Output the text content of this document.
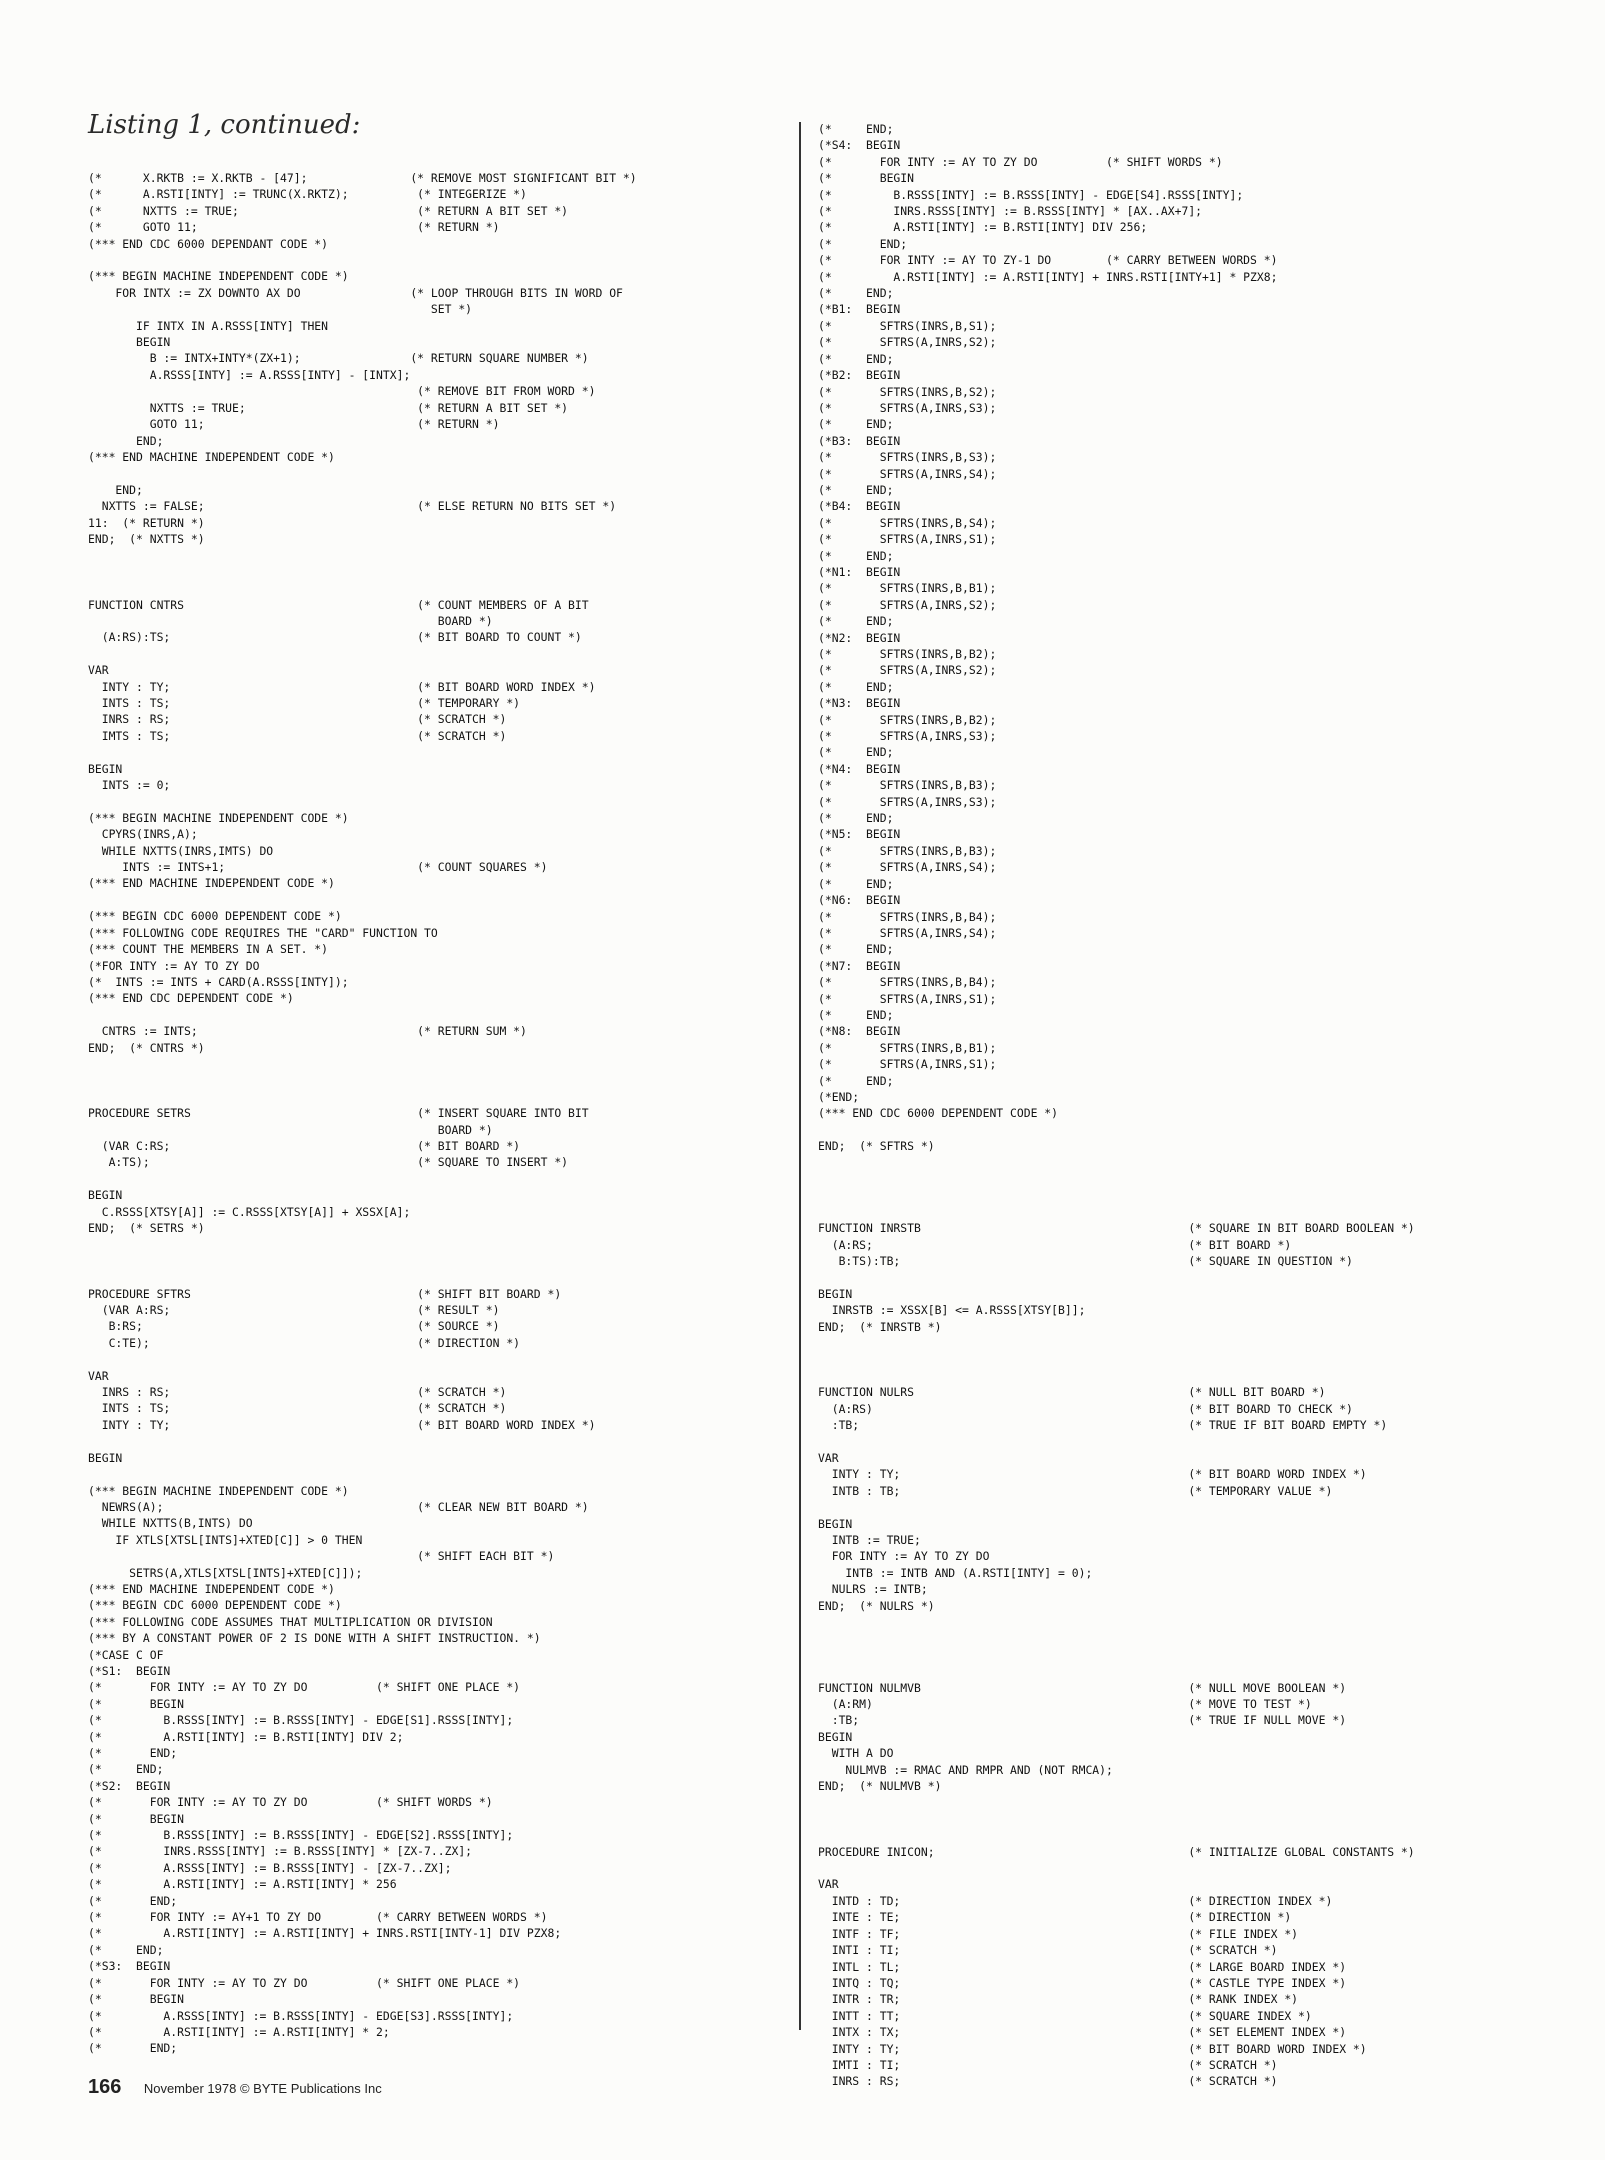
Listing 1, continued:
(*      X.RKTB := X.RKTB - [47];               (* REMOVE MOST SIGNIFICANT BIT *)
(*      A.RSTI[INTY] := TRUNC(X.RKTZ);          (* INTEGERIZE *)
(*      NXTTS := TRUE;                          (* RETURN A BIT SET *)
(*      GOTO 11;                                (* RETURN *)
(*** END CDC 6000 DEPENDANT CODE *)

(*** BEGIN MACHINE INDEPENDENT CODE *)
FOR INTX := ZX DOWNTO AX DO                (* LOOP THROUGH BITS IN WORD OF
SET *)
IF INTX IN A.RSSS[INTY] THEN
BEGIN
B := INTX+INTY*(ZX+1);                (* RETURN SQUARE NUMBER *)
A.RSSS[INTY] := A.RSSS[INTY] - [INTX];
(* REMOVE BIT FROM WORD *)
NXTTS := TRUE;                         (* RETURN A BIT SET *)
GOTO 11;                               (* RETURN *)
END;
(*** END MACHINE INDEPENDENT CODE *)

END;
NXTTS := FALSE;                               (* ELSE RETURN NO BITS SET *)
11:  (* RETURN *)
END;  (* NXTTS *)

FUNCTION CNTRS                                  (* COUNT MEMBERS OF A BIT
BOARD *)
(A:RS):TS;                                    (* BIT BOARD TO COUNT *)

VAR
INTY : TY;                                    (* BIT BOARD WORD INDEX *)
INTS : TS;                                    (* TEMPORARY *)
INRS : RS;                                    (* SCRATCH *)
IMTS : TS;                                    (* SCRATCH *)

BEGIN
INTS := 0;

(*** BEGIN MACHINE INDEPENDENT CODE *)
CPYRS(INRS,A);
WHILE NXTTS(INRS,IMTS) DO
INTS := INTS+1;                            (* COUNT SQUARES *)
(*** END MACHINE INDEPENDENT CODE *)

(*** BEGIN CDC 6000 DEPENDENT CODE *)
(*** FOLLOWING CODE REQUIRES THE "CARD" FUNCTION TO
(*** COUNT THE MEMBERS IN A SET. *)
(*FOR INTY := AY TO ZY DO
(*  INTS := INTS + CARD(A.RSSS[INTY]);
(*** END CDC DEPENDENT CODE *)

CNTRS := INTS;                                (* RETURN SUM *)
END;  (* CNTRS *)

PROCEDURE SETRS                                 (* INSERT SQUARE INTO BIT
BOARD *)
(VAR C:RS;                                    (* BIT BOARD *)
A:TS);                                       (* SQUARE TO INSERT *)

BEGIN
C.RSSS[XTSY[A]] := C.RSSS[XTSY[A]] + XSSX[A];
END;  (* SETRS *)

PROCEDURE SFTRS                                 (* SHIFT BIT BOARD *)
(VAR A:RS;                                    (* RESULT *)
B:RS;                                        (* SOURCE *)
C:TE);                                       (* DIRECTION *)

VAR
INRS : RS;                                    (* SCRATCH *)
INTS : TS;                                    (* SCRATCH *)
INTY : TY;                                    (* BIT BOARD WORD INDEX *)

BEGIN

(*** BEGIN MACHINE INDEPENDENT CODE *)
NEWRS(A);                                     (* CLEAR NEW BIT BOARD *)
WHILE NXTTS(B,INTS) DO
IF XTLS[XTSL[INTS]+XTED[C]] > 0 THEN
(* SHIFT EACH BIT *)
SETRS(A,XTLS[XTSL[INTS]+XTED[C]]);
(*** END MACHINE INDEPENDENT CODE *)
(*** BEGIN CDC 6000 DEPENDENT CODE *)
(*** FOLLOWING CODE ASSUMES THAT MULTIPLICATION OR DIVISION
(*** BY A CONSTANT POWER OF 2 IS DONE WITH A SHIFT INSTRUCTION. *)
(*CASE C OF
(*S1:  BEGIN
(*       FOR INTY := AY TO ZY DO          (* SHIFT ONE PLACE *)
(*       BEGIN
(*         B.RSSS[INTY] := B.RSSS[INTY] - EDGE[S1].RSSS[INTY];
(*         A.RSTI[INTY] := B.RSTI[INTY] DIV 2;
(*       END;
(*     END;
(*S2:  BEGIN
(*       FOR INTY := AY TO ZY DO          (* SHIFT WORDS *)
(*       BEGIN
(*         B.RSSS[INTY] := B.RSSS[INTY] - EDGE[S2].RSSS[INTY];
(*         INRS.RSSS[INTY] := B.RSSS[INTY] * [ZX-7..ZX];
(*         A.RSSS[INTY] := B.RSSS[INTY] - [ZX-7..ZX];
(*         A.RSTI[INTY] := A.RSTI[INTY] * 256
(*       END;
(*       FOR INTY := AY+1 TO ZY DO        (* CARRY BETWEEN WORDS *)
(*         A.RSTI[INTY] := A.RSTI[INTY] + INRS.RSTI[INTY-1] DIV PZX8;
(*     END;
(*S3:  BEGIN
(*       FOR INTY := AY TO ZY DO          (* SHIFT ONE PLACE *)
(*       BEGIN
(*         A.RSSS[INTY] := B.RSSS[INTY] - EDGE[S3].RSSS[INTY];
(*         A.RSTI[INTY] := A.RSTI[INTY] * 2;
(*       END;
(*     END;
(*S4:  BEGIN
(*       FOR INTY := AY TO ZY DO          (* SHIFT WORDS *)
(*       BEGIN
(*         B.RSSS[INTY] := B.RSSS[INTY] - EDGE[S4].RSSS[INTY];
(*         INRS.RSSS[INTY] := B.RSSS[INTY] * [AX..AX+7];
(*         A.RSTI[INTY] := B.RSTI[INTY] DIV 256;
(*       END;
(*       FOR INTY := AY TO ZY-1 DO        (* CARRY BETWEEN WORDS *)
(*         A.RSTI[INTY] := A.RSTI[INTY] + INRS.RSTI[INTY+1] * PZX8;
(*     END;
(*B1:  BEGIN
(*       SFTRS(INRS,B,S1);
(*       SFTRS(A,INRS,S2);
(*     END;
(*B2:  BEGIN
(*       SFTRS(INRS,B,S2);
(*       SFTRS(A,INRS,S3);
(*     END;
(*B3:  BEGIN
(*       SFTRS(INRS,B,S3);
(*       SFTRS(A,INRS,S4);
(*     END;
(*B4:  BEGIN
(*       SFTRS(INRS,B,S4);
(*       SFTRS(A,INRS,S1);
(*     END;
(*N1:  BEGIN
(*       SFTRS(INRS,B,B1);
(*       SFTRS(A,INRS,S2);
(*     END;
(*N2:  BEGIN
(*       SFTRS(INRS,B,B2);
(*       SFTRS(A,INRS,S2);
(*     END;
(*N3:  BEGIN
(*       SFTRS(INRS,B,B2);
(*       SFTRS(A,INRS,S3);
(*     END;
(*N4:  BEGIN
(*       SFTRS(INRS,B,B3);
(*       SFTRS(A,INRS,S3);
(*     END;
(*N5:  BEGIN
(*       SFTRS(INRS,B,B3);
(*       SFTRS(A,INRS,S4);
(*     END;
(*N6:  BEGIN
(*       SFTRS(INRS,B,B4);
(*       SFTRS(A,INRS,S4);
(*     END;
(*N7:  BEGIN
(*       SFTRS(INRS,B,B4);
(*       SFTRS(A,INRS,S1);
(*     END;
(*N8:  BEGIN
(*       SFTRS(INRS,B,B1);
(*       SFTRS(A,INRS,S1);
(*     END;
(*END;
(*** END CDC 6000 DEPENDENT CODE *)

END;  (* SFTRS *)

FUNCTION INRSTB                                       (* SQUARE IN BIT BOARD BOOLEAN *)
(A:RS;                                              (* BIT BOARD *)
B:TS):TB;                                          (* SQUARE IN QUESTION *)

BEGIN
INRSTB := XSSX[B] <= A.RSSS[XTSY[B]];
END;  (* INRSTB *)

FUNCTION NULRS                                        (* NULL BIT BOARD *)
(A:RS)                                              (* BIT BOARD TO CHECK *)
:TB;                                                (* TRUE IF BIT BOARD EMPTY *)

VAR
INTY : TY;                                          (* BIT BOARD WORD INDEX *)
INTB : TB;                                          (* TEMPORARY VALUE *)

BEGIN
INTB := TRUE;
FOR INTY := AY TO ZY DO
INTB := INTB AND (A.RSTI[INTY] = 0);
NULRS := INTB;
END;  (* NULRS *)

FUNCTION NULMVB                                       (* NULL MOVE BOOLEAN *)
(A:RM)                                              (* MOVE TO TEST *)
:TB;                                                (* TRUE IF NULL MOVE *)
BEGIN
WITH A DO
NULMVB := RMAC AND RMPR AND (NOT RMCA);
END;  (* NULMVB *)

PROCEDURE INICON;                                     (* INITIALIZE GLOBAL CONSTANTS *)

VAR
INTD : TD;                                          (* DIRECTION INDEX *)
INTE : TE;                                          (* DIRECTION *)
INTF : TF;                                          (* FILE INDEX *)
INTI : TI;                                          (* SCRATCH *)
INTL : TL;                                          (* LARGE BOARD INDEX *)
INTQ : TQ;                                          (* CASTLE TYPE INDEX *)
INTR : TR;                                          (* RANK INDEX *)
INTT : TT;                                          (* SQUARE INDEX *)
INTX : TX;                                          (* SET ELEMENT INDEX *)
INTY : TY;                                          (* BIT BOARD WORD INDEX *)
IMTI : TI;                                          (* SCRATCH *)
INRS : RS;                                          (* SCRATCH *)
166 November 1978 © BYTE Publications Inc
